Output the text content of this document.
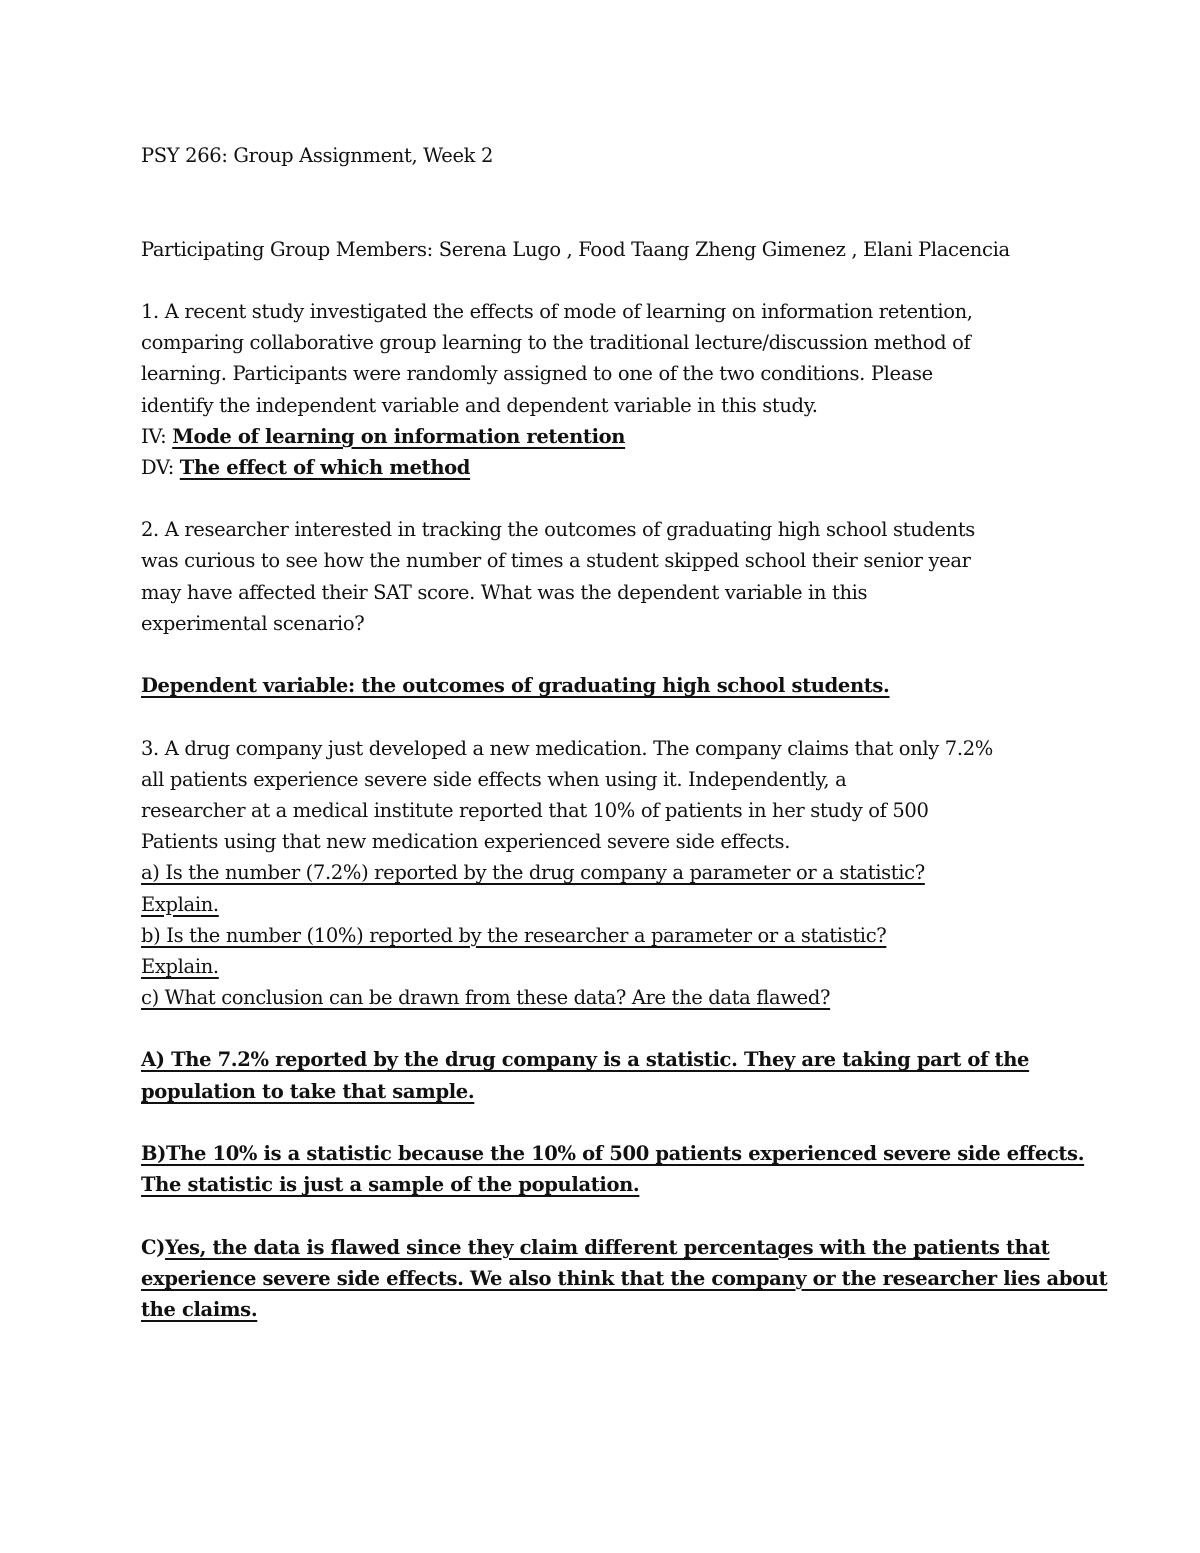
PSY 266: Group Assignment, Week 2
Participating Group Members: Serena Lugo , Food Taang Zheng Gimenez , Elani Placencia
1. A recent study investigated the effects of mode of learning on information retention,
comparing collaborative group learning to the traditional lecture/discussion method of
learning. Participants were randomly assigned to one of the two conditions. Please
identify the independent variable and dependent variable in this study.
IV: Mode of learning on information retention
DV: The effect of which method
2. A researcher interested in tracking the outcomes of graduating high school students
was curious to see how the number of times a student skipped school their senior year
may have affected their SAT score. What was the dependent variable in this
experimental scenario?
Dependent variable: the outcomes of graduating high school students.
3. A drug company just developed a new medication. The company claims that only 7.2%
all patients experience severe side effects when using it. Independently, a
researcher at a medical institute reported that 10% of patients in her study of 500
Patients using that new medication experienced severe side effects.
a) Is the number (7.2%) reported by the drug company a parameter or a statistic?
Explain.
b) Is the number (10%) reported by the researcher a parameter or a statistic?
Explain.
c) What conclusion can be drawn from these data? Are the data flawed?
A) The 7.2% reported by the drug company is a statistic. They are taking part of the
population to take that sample.
B)The 10% is a statistic because the 10% of 500 patients experienced severe side effects.
The statistic is just a sample of the population.
C)Yes, the data is flawed since they claim different percentages with the patients that
experience severe side effects. We also think that the company or the researcher lies about
the claims.
